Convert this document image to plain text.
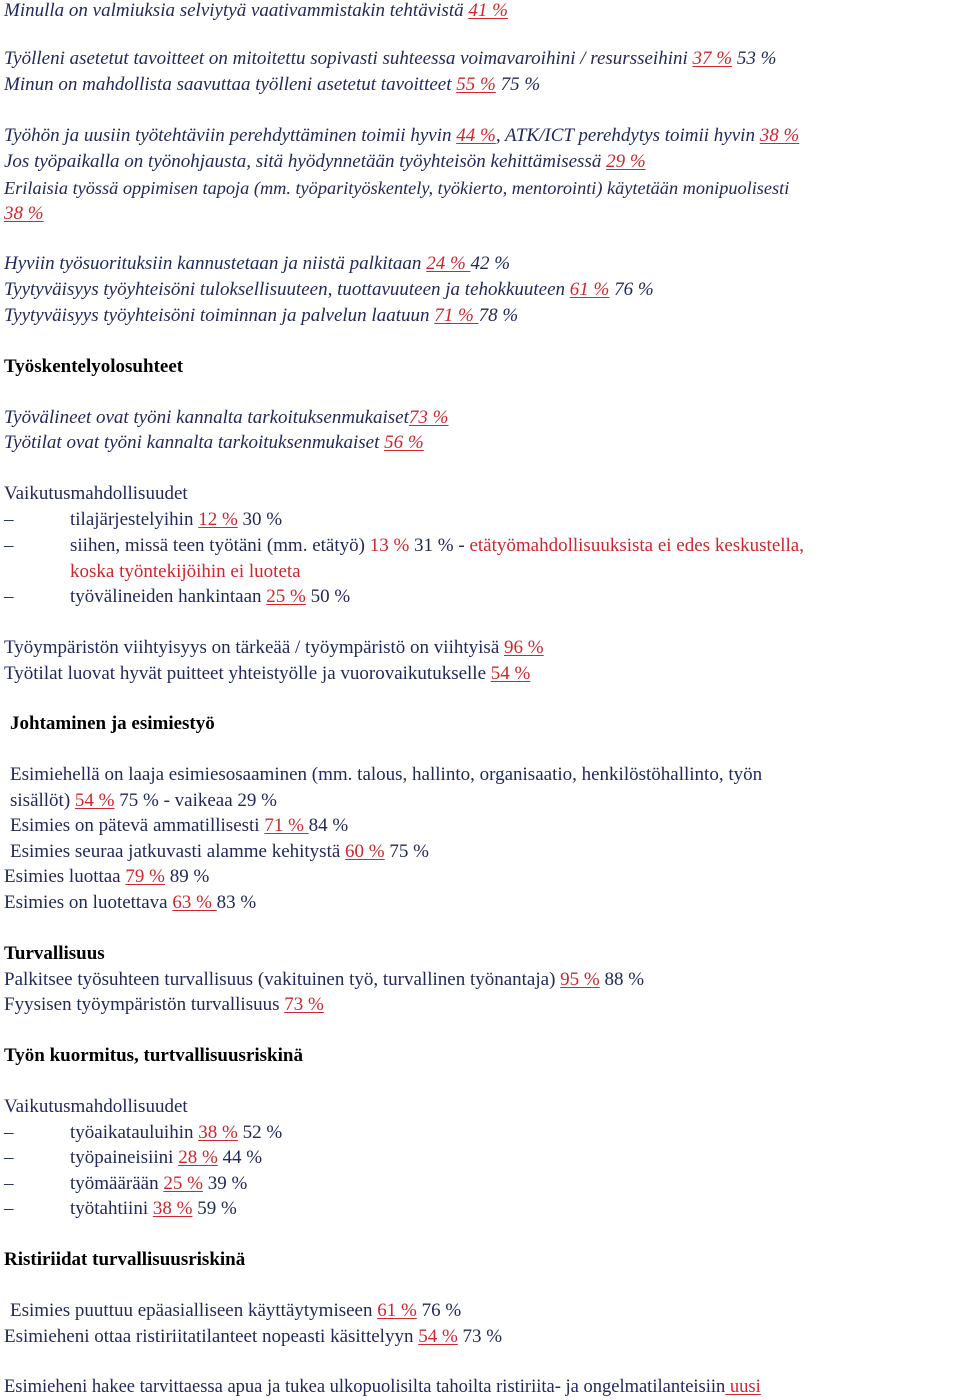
Minulla on valmiuksia selviytyä vaativammistakin tehtävistä 41 %
Työlleni asetetut tavoitteet on mitoitettu sopivasti suhteessa voimavaroihini / resursseihini 37 % 53 %
Minun on mahdollista saavuttaa työlleni asetetut tavoitteet 55 % 75 %
Työhön ja uusiin työtehtäviin perehdyttäminen toimii hyvin 44 %, ATK/ICT perehdytys toimii hyvin 38 %
Jos työpaikalla on työnohjausta, sitä hyödynnetään työyhteisön kehittämisessä 29 %
Erilaisia työssä oppimisen tapoja (mm. työparityöskentely, työkierto, mentorointi) käytetään monipuolisesti
38 %
Hyviin työsuorituksiin kannustetaan ja niistä palkitaan 24 % 42 %
Tyytyväisyys työyhteisöni tuloksellisuuteen, tuottavuuteen ja tehokkuuteen 61 % 76 %
Tyytyväisyys työyhteisöni toiminnan ja palvelun laatuun 71 % 78 %
Työskentelyolosuhteet
Työvälineet ovat työni kannalta tarkoituksenmukaiset73 %
Työtilat ovat työni kannalta tarkoituksenmukaiset 56 %
Vaikutusmahdollisuudet
–	tilajärjestelyihin 12 % 30 %
–	siihen, missä teen työtäni (mm. etätyö) 13 % 31 % - etätyömahdollisuuksista ei edes keskustella,
koska työntekijöihin ei luoteta
–	työvälineiden hankintaan 25 % 50 %
Työympäristön viihtyisyys on tärkeää / työympäristö on viihtyisä 96 %
Työtilat luovat hyvät puitteet yhteistyölle ja vuorovaikutukselle 54 %
Johtaminen ja esimiestyö
Esimiehellä on laaja esimiesosaaminen (mm. talous, hallinto, organisaatio, henkilöstöhallinto, työn
sisällöt) 54 % 75 % - vaikeaa 29 %
Esimies on pätevä ammatillisesti 71 % 84 %
Esimies seuraa jatkuvasti alamme kehitystä 60 % 75 %
Esimies luottaa 79 % 89 %
Esimies on luotettava 63 % 83 %
Turvallisuus
Palkitsee työsuhteen turvallisuus (vakituinen työ, turvallinen työnantaja) 95 % 88 %
Fyysisen työympäristön turvallisuus 73 %
Työn kuormitus, turtvallisuusriskinä
Vaikutusmahdollisuudet
–	työaikatauluihin 38 % 52 %
–	työpaineisiini 28 % 44 %
–	työmäärään 25 % 39 %
–	työtahtiini 38 % 59 %
Ristiriidat turvallisuusriskinä
Esimies puuttuu epäasialliseen käyttäytymiseen 61 % 76 %
Esimieheni ottaa ristiriitatilanteet nopeasti käsittelyyn 54 % 73 %
Esimieheni hakee tarvittaessa apua ja tukea ulkopuolisilta tahoilta ristiriita- ja ongelmatilanteisiin uusi
